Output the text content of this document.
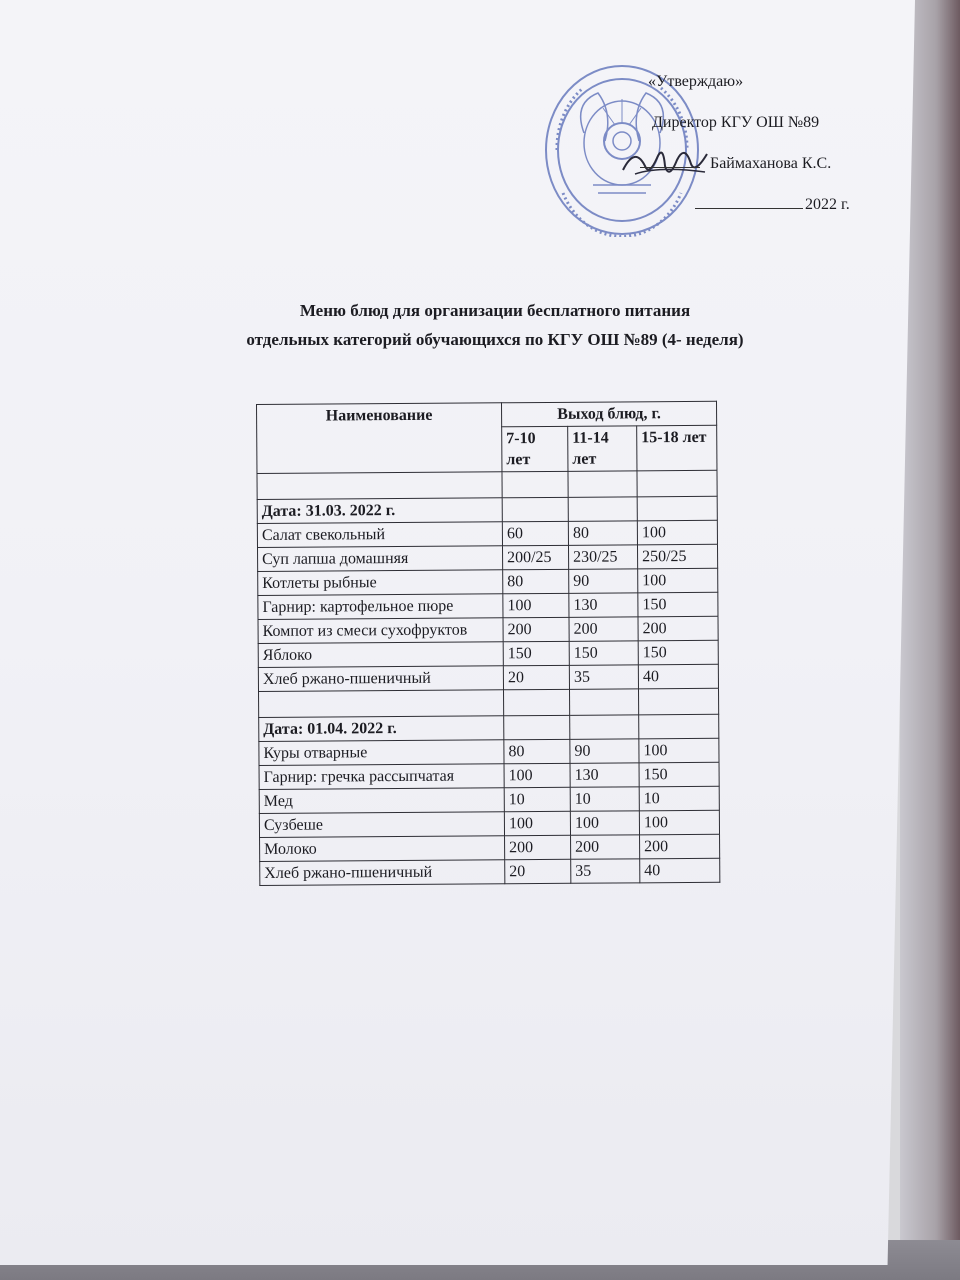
«Утверждаю»
Директор КГУ ОШ №89
Баймаханова К.С.
2022 г.
Меню блюд для организации бесплатного питания
отдельных категорий обучающихся по КГУ ОШ №89 (4- неделя)
Наименование	Выход блюд, г.		
	7-10 лет	11-14 лет	15-18 лет

Дата: 31.03. 2022 г.			
Салат свекольный	60	80	100
Суп лапша домашняя	200/25	230/25	250/25
Котлеты рыбные	80	90	100
Гарнир: картофельное пюре	100	130	150
Компот из смеси сухофруктов	200	200	200
Яблоко	150	150	150
Хлеб ржано-пшеничный	20	35	40

Дата: 01.04. 2022 г.			
Куры отварные	80	90	100
Гарнир: гречка рассыпчатая	100	130	150
Мед	10	10	10
Сузбеше	100	100	100
Молоко	200	200	200
Хлеб ржано-пшеничный	20	35	40
